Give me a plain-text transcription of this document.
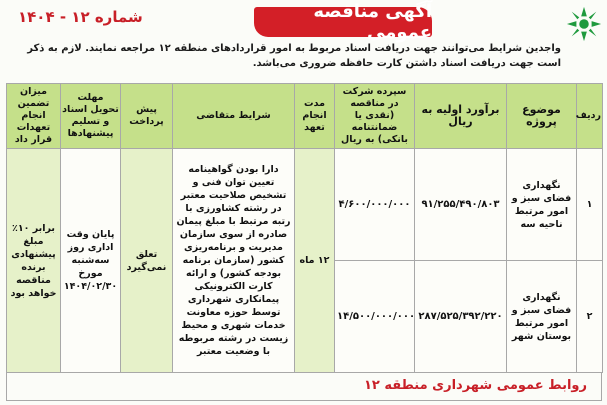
آگهی مناقصه عمومی
شماره ۱۲ - ۱۴۰۴
واجدین شرایط می‌توانند جهت دریافت اسناد مربوط به امور قراردادهای منطقه ۱۲ مراجعه نمایند. لازم به ذکر است جهت دریافت اسناد داشتن کارت حافظه ضروری می‌باشد.
ردیف	موضوع پروژه	برآورد اولیه به ریال	سپرده شرکت در مناقصه (نقدی یا ضمانتنامه بانکی) به ریال	مدت انجام تعهد	شرایط متقاضی	پیش پرداخت	مهلت تحویل اسناد و تسلیم پیشنهادها	میزان تضمین انجام تعهدات قرار داد
۱	نگهداری فضای سبز و امور مرتبط ناحیه سه	۹۱/۲۵۵/۴۹۰/۸۰۳	۴/۶۰۰/۰۰۰/۰۰۰	۱۲ ماه	دارا بودن گواهینامه تعیین توان فنی و تشخیص صلاحیت معتبر در رشته کشاورزی با رتبه مرتبط با مبلغ پیمان صادره از سوی سازمان مدیریت و برنامه‌ریزی کشور (سازمان برنامه بودجه کشور) و ارائه کارت الکترونیکی پیمانکاری شهرداری توسط حوزه معاونت خدمات شهری و محیط زیست در رشته مربوطه با وضعیت معتبر	تعلق نمی‌گیرد	پایان وقت اداری روز سه‌شنبه مورخ ۱۴۰۴/۰۲/۳۰	برابر ۱۰٪ مبلغ پیشنهادی برنده مناقصه خواهد بود
۲	نگهداری فضای سبز و امور مرتبط بوستان شهر	۲۸۷/۵۲۵/۳۹۲/۲۲۰	۱۴/۵۰۰/۰۰۰/۰۰۰					
روابط عمومی شهرداری منطقه ۱۲
